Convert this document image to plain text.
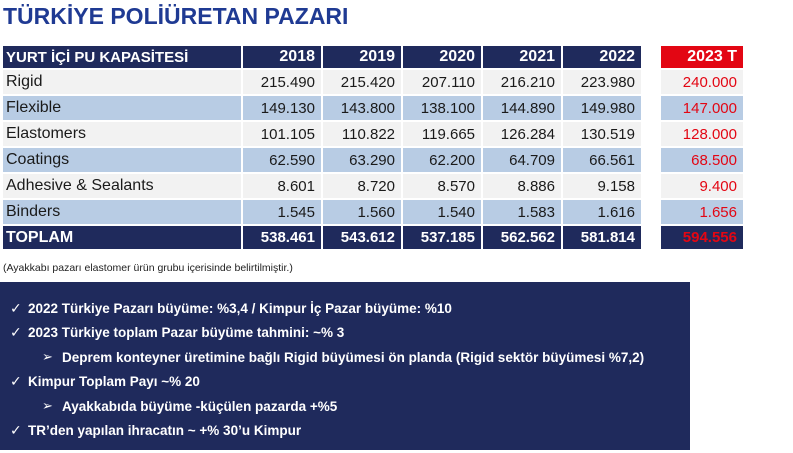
TÜRKİYE POLİÜRETAN PAZARI
YURT İÇİ PU KAPASİTESİ	2018	2019	2020	2021	2022	2023 T
Rigid	215.490	215.420	207.110	216.210	223.980	240.000
Flexible	149.130	143.800	138.100	144.890	149.980	147.000
Elastomers	101.105	110.822	119.665	126.284	130.519	128.000
Coatings	62.590	63.290	62.200	64.709	66.561	68.500
Adhesive & Sealants	8.601	8.720	8.570	8.886	9.158	9.400
Binders	1.545	1.560	1.540	1.583	1.616	1.656
TOPLAM	538.461	543.612	537.185	562.562	581.814	594.556
(Ayakkabı pazarı elastomer ürün grubu içerisinde belirtilmiştir.)
✓ 2022 Türkiye Pazarı büyüme: %3,4 / Kimpur İç Pazar büyüme: %10
✓ 2023 Türkiye toplam Pazar büyüme tahmini: ~% 3
➢ Deprem konteyner üretimine bağlı Rigid büyümesi ön planda (Rigid sektör büyümesi %7,2)
✓ Kimpur Toplam Payı ~% 20
➢ Ayakkabıda büyüme -küçülen pazarda +%5
✓ TR’den yapılan ihracatın ~ +% 30’u Kimpur
